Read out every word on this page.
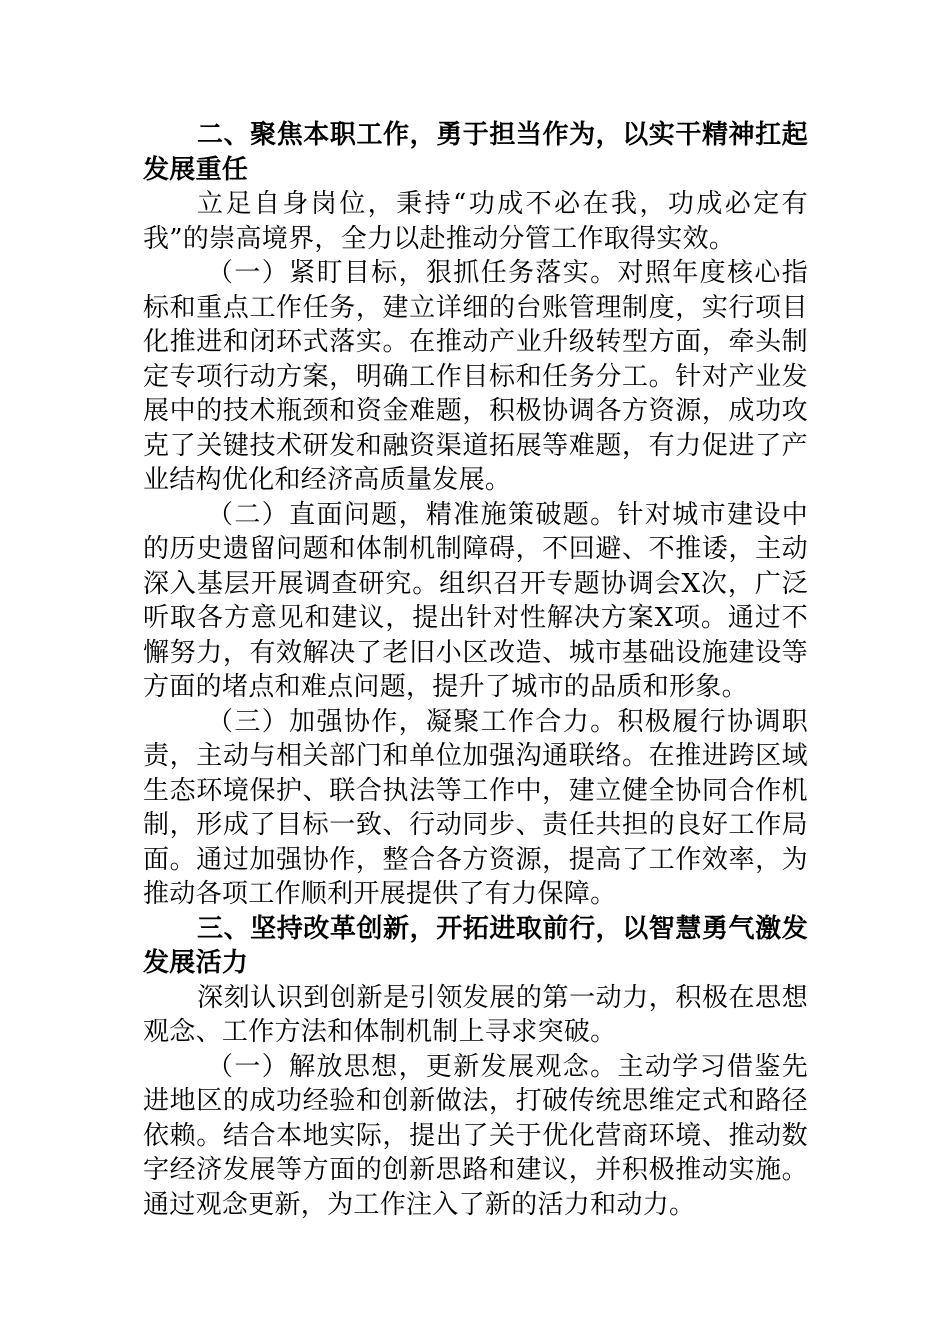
二、聚焦本职工作，勇于担当作为，以实干精神扛起发展重任

立足自身岗位，秉持“功成不必在我，功成必定有我”的崇高境界，全力以赴推动分管工作取得实效。

（一）紧盯目标，狠抓任务落实。对照年度核心指标和重点工作任务，建立详细的台账管理制度，实行项目化推进和闭环式落实。在推动产业升级转型方面，牵头制定专项行动方案，明确工作目标和任务分工。针对产业发展中的技术瓶颈和资金难题，积极协调各方资源，成功攻克了关键技术研发和融资渠道拓展等难题，有力促进了产业结构优化和经济高质量发展。

（二）直面问题，精准施策破题。针对城市建设中的历史遗留问题和体制机制障碍，不回避、不推诿，主动深入基层开展调查研究。组织召开专题协调会X次，广泛听取各方意见和建议，提出针对性解决方案X项。通过不懈努力，有效解决了老旧小区改造、城市基础设施建设等方面的堵点和难点问题，提升了城市的品质和形象。

（三）加强协作，凝聚工作合力。积极履行协调职责，主动与相关部门和单位加强沟通联络。在推进跨区域生态环境保护、联合执法等工作中，建立健全协同合作机制，形成了目标一致、行动同步、责任共担的良好工作局面。通过加强协作，整合各方资源，提高了工作效率，为推动各项工作顺利开展提供了有力保障。

三、坚持改革创新，开拓进取前行，以智慧勇气激发发展活力

深刻认识到创新是引领发展的第一动力，积极在思想观念、工作方法和体制机制上寻求突破。

（一）解放思想，更新发展观念。主动学习借鉴先进地区的成功经验和创新做法，打破传统思维定式和路径依赖。结合本地实际，提出了关于优化营商环境、推动数字经济发展等方面的创新思路和建议，并积极推动实施。通过观念更新，为工作注入了新的活力和动力。
